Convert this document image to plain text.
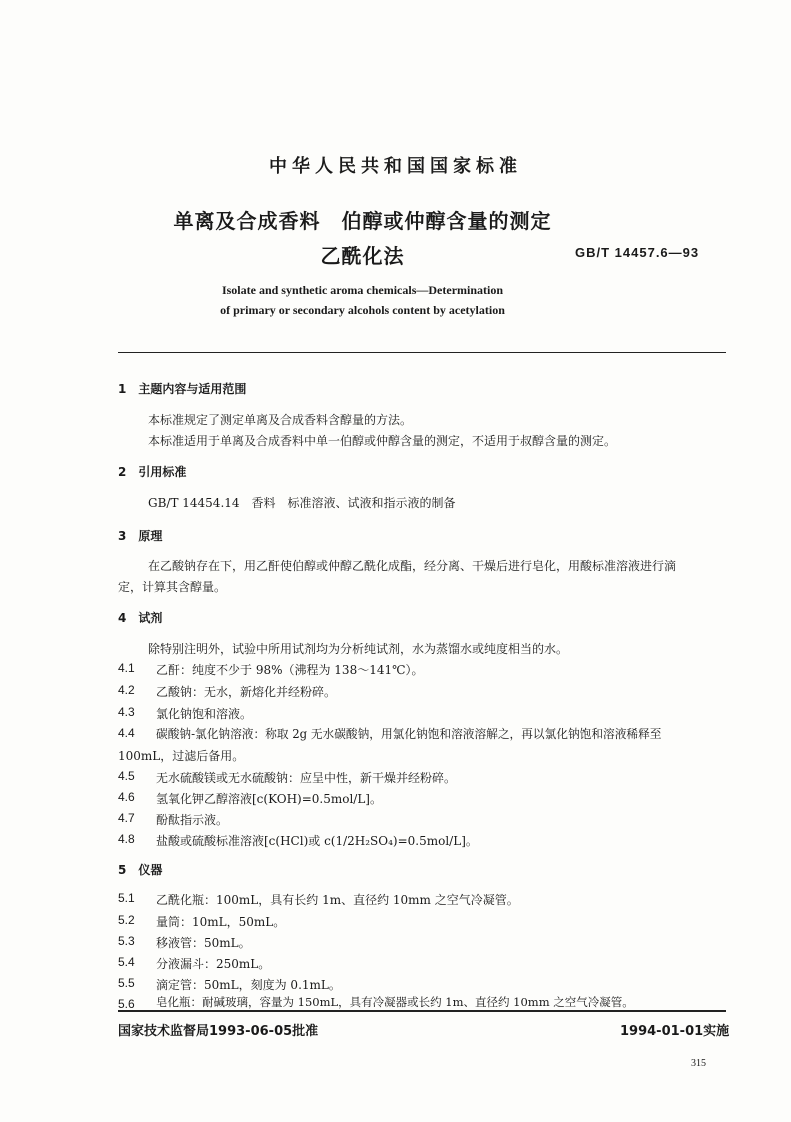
中华人民共和国国家标准
单离及合成香料　伯醇或仲醇含量的测定
乙酰化法	GB/T 14457.6—93
Isolate and synthetic aroma chemicals—Determination
of primary or secondary alcohols content by acetylation
1　主题内容与适用范围
本标准规定了测定单离及合成香料含醇量的方法。
本标准适用于单离及合成香料中单一伯醇或仲醇含量的测定，不适用于叔醇含量的测定。
2　引用标准
GB/T 14454.14　香料　标准溶液、试液和指示液的制备
3　原理
在乙酸钠存在下，用乙酐使伯醇或仲醇乙酰化成酯，经分离、干燥后进行皂化，用酸标准溶液进行滴
定，计算其含醇量。
4　试剂
除特别注明外，试验中所用试剂均为分析纯试剂，水为蒸馏水或纯度相当的水。
4.1 乙酐：纯度不少于 98%（沸程为 138～141℃）。
4.2 乙酸钠：无水，新熔化并经粉碎。
4.3 氯化钠饱和溶液。
4.4 碳酸钠-氯化钠溶液：称取 2g 无水碳酸钠，用氯化钠饱和溶液溶解之，再以氯化钠饱和溶液稀释至
100mL，过滤后备用。
4.5 无水硫酸镁或无水硫酸钠：应呈中性，新干燥并经粉碎。
4.6 氢氧化钾乙醇溶液[c(KOH)=0.5mol/L]。
4.7 酚酞指示液。
4.8 盐酸或硫酸标准溶液[c(HCl)或 c(1/2H₂SO₄)=0.5mol/L]。
5　仪器
5.1 乙酰化瓶：100mL，具有长约 1m、直径约 10mm 之空气冷凝管。
5.2 量筒：10mL，50mL。
5.3 移液管：50mL。
5.4 分液漏斗：250mL。
5.5 滴定管：50mL，刻度为 0.1mL。
5.6 皂化瓶：耐碱玻璃，容量为 150mL，具有冷凝器或长约 1m、直径约 10mm 之空气冷凝管。
国家技术监督局1993-06-05批准	1994-01-01实施
315
